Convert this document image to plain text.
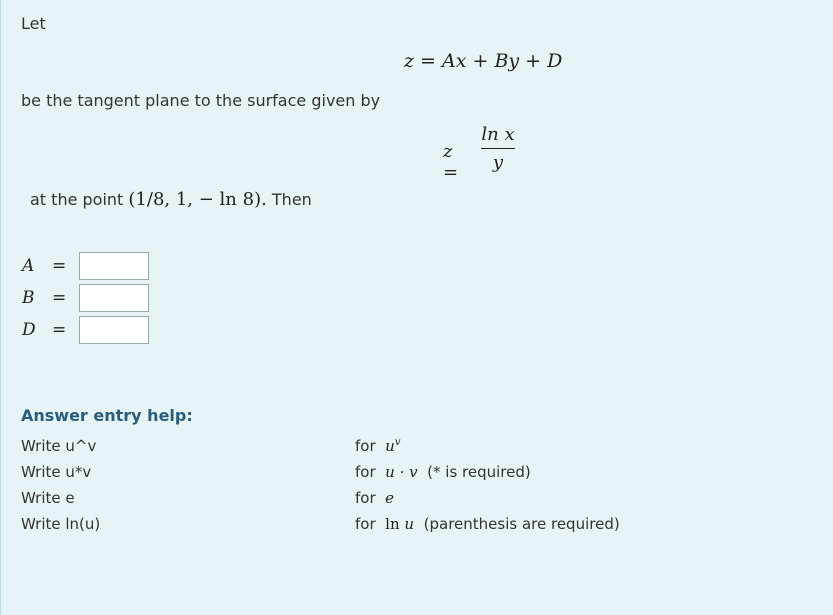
Let
z = Ax + By + D
be the tangent plane to the surface given by
z =
ln x
y
at the point (1/8, 1, − ln 8). Then
A =
B =
D =
Answer entry help:
Write u^v	for $u^v$
Write u*v	for u · v (* is required)
Write e	for e
Write ln(u)	for ln u (parenthesis are required)
